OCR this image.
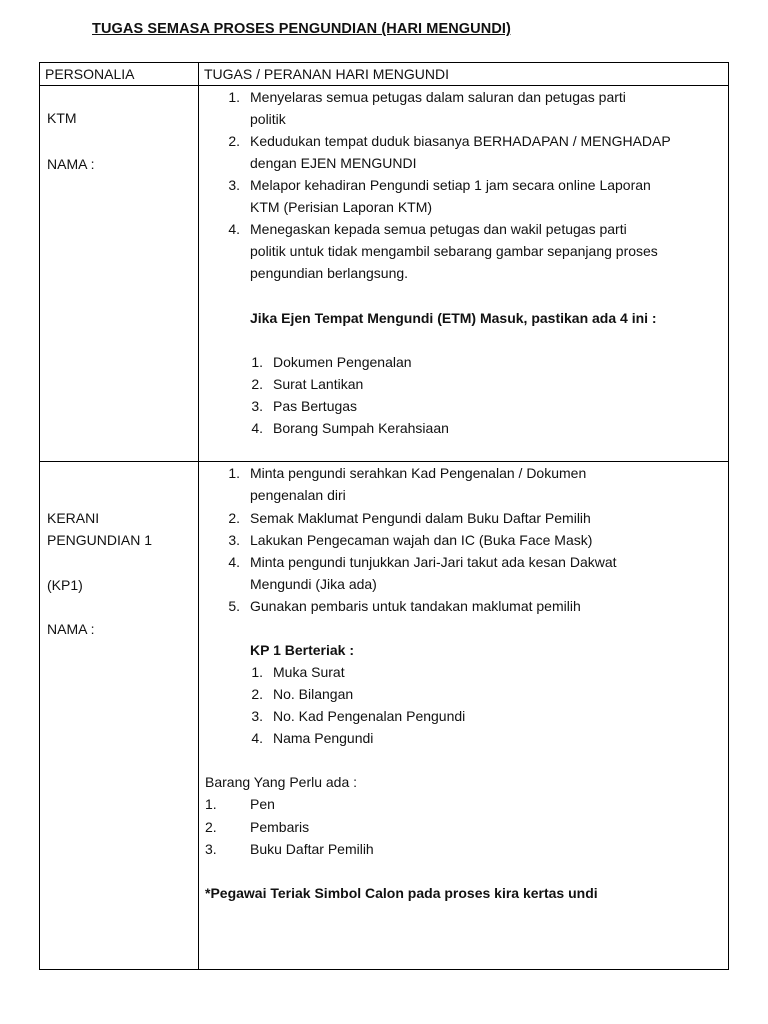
TUGAS SEMASA PROSES PENGUNDIAN (HARI MENGUNDI)
PERSONALIA	TUGAS / PERANAN HARI MENGUNDI
KTM
NAMA :
1. Menyelaras semua petugas dalam saluran dan petugas parti
politik
2. Kedudukan tempat duduk biasanya BERHADAPAN / MENGHADAP
dengan EJEN MENGUNDI
3. Melapor kehadiran Pengundi setiap 1 jam secara online Laporan
KTM (Perisian Laporan KTM)
4. Menegaskan kepada semua petugas dan wakil petugas parti
politik untuk tidak mengambil sebarang gambar sepanjang proses
pengundian berlangsung.
Jika Ejen Tempat Mengundi (ETM) Masuk, pastikan ada 4 ini :
1. Dokumen Pengenalan
2. Surat Lantikan
3. Pas Bertugas
4. Borang Sumpah Kerahsiaan
KERANI
PENGUNDIAN 1
(KP1)
NAMA :
1. Minta pengundi serahkan Kad Pengenalan / Dokumen
pengenalan diri
2. Semak Maklumat Pengundi dalam Buku Daftar Pemilih
3. Lakukan Pengecaman wajah dan IC (Buka Face Mask)
4. Minta pengundi tunjukkan Jari-Jari takut ada kesan Dakwat
Mengundi (Jika ada)
5. Gunakan pembaris untuk tandakan maklumat pemilih
KP 1 Berteriak :
1. Muka Surat
2. No. Bilangan
3. No. Kad Pengenalan Pengundi
4. Nama Pengundi
Barang Yang Perlu ada :
1. Pen
2. Pembaris
3. Buku Daftar Pemilih
*Pegawai Teriak Simbol Calon pada proses kira kertas undi
